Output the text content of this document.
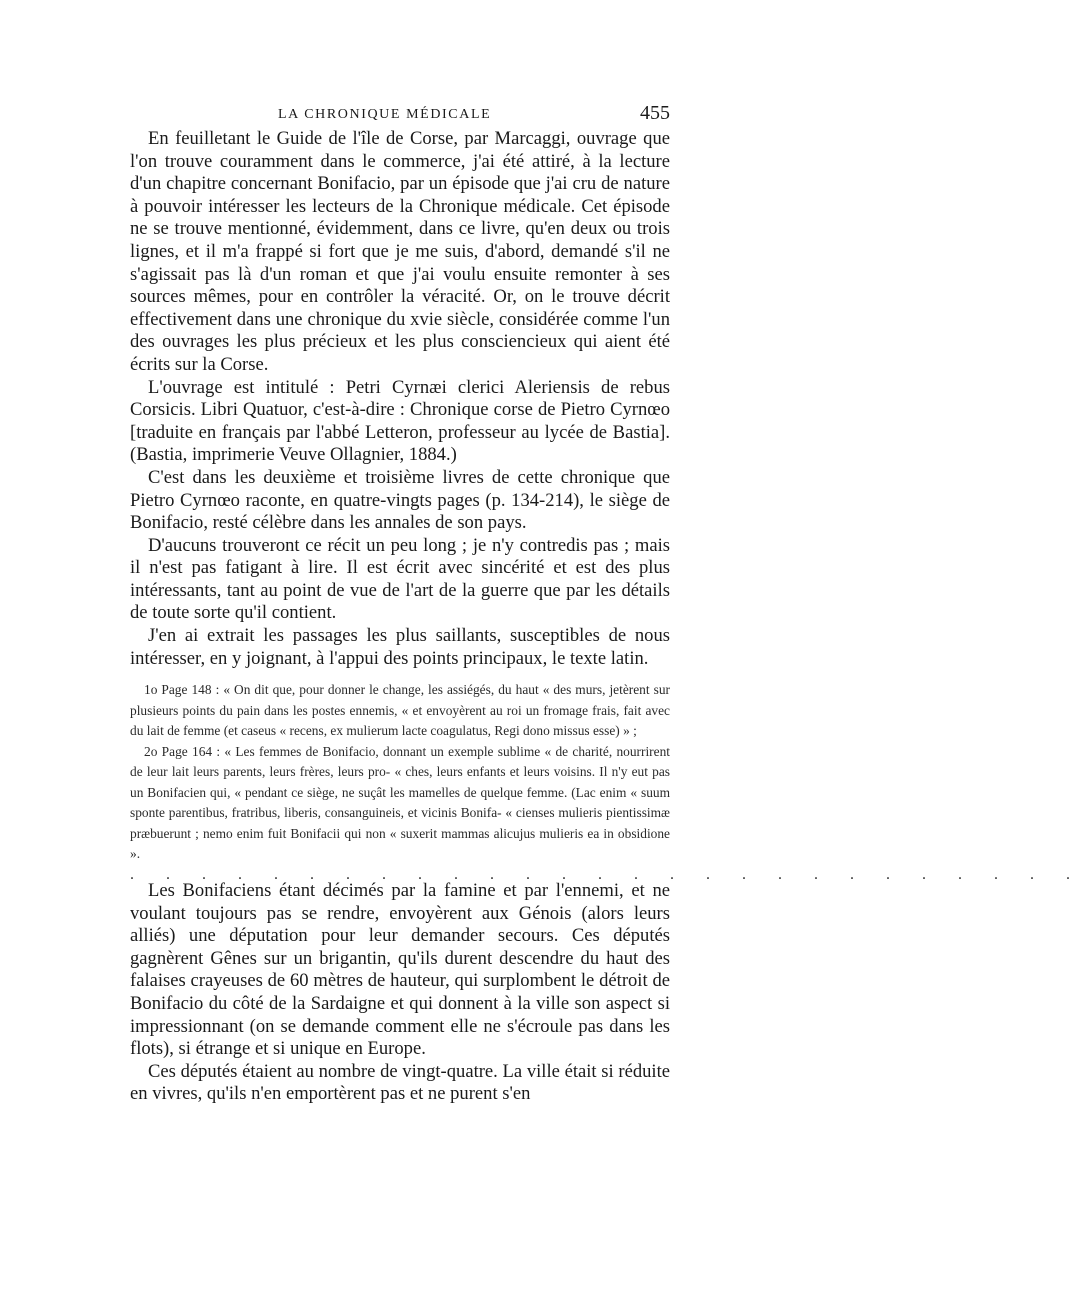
LA CHRONIQUE MÉDICALE	455

En feuilletant le Guide de l'île de Corse, par Marcaggi, ouvrage que l'on trouve couramment dans le commerce, j'ai été attiré, à la lecture d'un chapitre concernant Bonifacio, par un épisode que j'ai cru de nature à pouvoir intéresser les lecteurs de la Chronique médicale. Cet épisode ne se trouve mentionné, évidemment, dans ce livre, qu'en deux ou trois lignes, et il m'a frappé si fort que je me suis, d'abord, demandé s'il ne s'agissait pas là d'un roman et que j'ai voulu ensuite remonter à ses sources mêmes, pour en contrôler la véracité. Or, on le trouve décrit effectivement dans une chronique du xvie siècle, considérée comme l'un des ouvrages les plus précieux et les plus consciencieux qui aient été écrits sur la Corse.

L'ouvrage est intitulé : Petri Cyrnæi clerici Aleriensis de rebus Corsicis. Libri Quatuor, c'est-à-dire : Chronique corse de Pietro Cyrnœo [traduite en français par l'abbé Letteron, professeur au lycée de Bastia]. (Bastia, imprimerie Veuve Ollagnier, 1884.)

C'est dans les deuxième et troisième livres de cette chronique que Pietro Cyrnœo raconte, en quatre-vingts pages (p. 134-214), le siège de Bonifacio, resté célèbre dans les annales de son pays.

D'aucuns trouveront ce récit un peu long ; je n'y contredis pas ; mais il n'est pas fatigant à lire. Il est écrit avec sincérité et est des plus intéressants, tant au point de vue de l'art de la guerre que par les détails de toute sorte qu'il contient.

J'en ai extrait les passages les plus saillants, susceptibles de nous intéresser, en y joignant, à l'appui des points principaux, le texte latin.

1o Page 148 : « On dit que, pour donner le change, les assiégés, du haut « des murs, jetèrent sur plusieurs points du pain dans les postes ennemis, « et envoyèrent au roi un fromage frais, fait avec du lait de femme (et caseus « recens, ex mulierum lacte coagulatus, Regi dono missus esse) » ;

2o Page 164 : « Les femmes de Bonifacio, donnant un exemple sublime « de charité, nourrirent de leur lait leurs parents, leurs frères, leurs pro- « ches, leurs enfants et leurs voisins. Il n'y eut pas un Bonifacien qui, « pendant ce siège, ne suçât les mamelles de quelque femme. (Lac enim « suum sponte parentibus, fratribus, liberis, consanguineis, et vicinis Bonifa- « cienses mulieris pientissimæ præbuerunt ; nemo enim fuit Bonifacii qui non « suxerit mammas alicujus mulieris ea in obsidione ».

. . . . . . . . . . . . . . . . . . . . . . . . . . .

Les Bonifaciens étant décimés par la famine et par l'ennemi, et ne voulant toujours pas se rendre, envoyèrent aux Génois (alors leurs alliés) une députation pour leur demander secours. Ces députés gagnèrent Gênes sur un brigantin, qu'ils durent descendre du haut des falaises crayeuses de 60 mètres de hauteur, qui surplombent le détroit de Bonifacio du côté de la Sardaigne et qui donnent à la ville son aspect si impressionnant (on se demande comment elle ne s'écroule pas dans les flots), si étrange et si unique en Europe.

Ces députés étaient au nombre de vingt-quatre. La ville était si réduite en vivres, qu'ils n'en emportèrent pas et ne purent s'en
